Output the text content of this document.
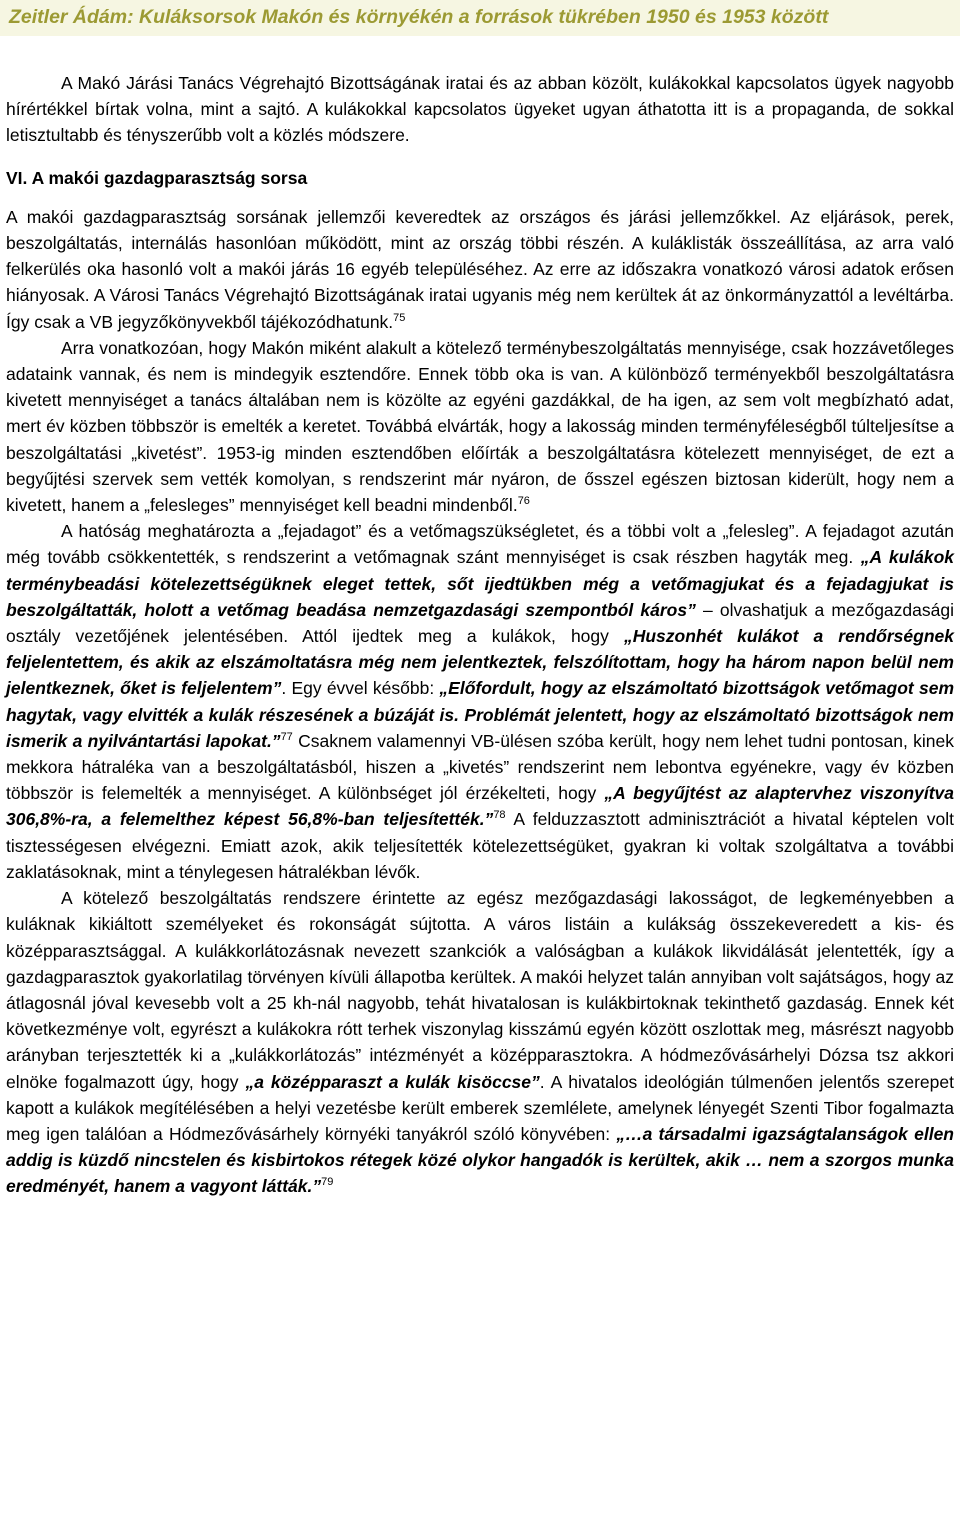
Zeitler Ádám: Kuláksorsok Makón és környékén a források tükrében 1950 és 1953 között

A Makó Járási Tanács Végrehajtó Bizottságának iratai és az abban közölt, kulákokkal kapcsolatos ügyek nagyobb hírértékkel bírtak volna, mint a sajtó. A kulákokkal kapcsolatos ügyeket ugyan áthatotta itt is a propaganda, de sokkal letisztultabb és tényszerűbb volt a közlés módszere.

VI. A makói gazdagparasztság sorsa

A makói gazdagparasztság sorsának jellemzői keveredtek az országos és járási jellemzőkkel. Az eljárások, perek, beszolgáltatás, internálás hasonlóan működött, mint az ország többi részén. A kuláklisták összeállítása, az arra való felkerülés oka hasonló volt a makói járás 16 egyéb településéhez. Az erre az időszakra vonatkozó városi adatok erősen hiányosak. A Városi Tanács Végrehajtó Bizottságának iratai ugyanis még nem kerültek át az önkormányzattól a levéltárba. Így csak a VB jegyzőkönyvekből tájékozódhatunk.$^{75}$

Arra vonatkozóan, hogy Makón miként alakult a kötelező terménybeszolgáltatás mennyisége, csak hozzávetőleges adataink vannak, és nem is mindegyik esztendőre. Ennek több oka is van. A különböző terményekből beszolgáltatásra kivetett mennyiséget a tanács általában nem is közölte az egyéni gazdákkal, de ha igen, az sem volt megbízható adat, mert év közben többször is emelték a keretet. Továbbá elvárták, hogy a lakosság minden terményféleségből túlteljesítse a beszolgáltatási „kivetést”. 1953-ig minden esztendőben előírták a beszolgáltatásra kötelezett mennyiséget, de ezt a begyűjtési szervek sem vették komolyan, s rendszerint már nyáron, de ősszel egészen biztosan kiderült, hogy nem a kivetett, hanem a „felesleges” mennyiséget kell beadni mindenből.$^{76}$

A hatóság meghatározta a „fejadagot” és a vetőmagszükségletet, és a többi volt a „felesleg”. A fejadagot azután még tovább csökkentették, s rendszerint a vetőmagnak szánt mennyiséget is csak részben hagyták meg. „A kulákok terménybeadási kötelezettségüknek eleget tettek, sőt ijedtükben még a vetőmagjukat és a fejadagjukat is beszolgáltatták, holott a vetőmag beadása nemzetgazdasági szempontból káros” – olvashatjuk a mezőgazdasági osztály vezetőjének jelentésében. Attól ijedtek meg a kulákok, hogy „Huszonhét kulákot a rendőrségnek feljelentettem, és akik az elszámoltatásra még nem jelentkeztek, felszólítottam, hogy ha három napon belül nem jelentkeznek, őket is feljelentem”. Egy évvel később: „Előfordult, hogy az elszámoltató bizottságok vetőmagot sem hagytak, vagy elvitték a kulák részesének a búzáját is. Problémát jelentett, hogy az elszámoltató bizottságok nem ismerik a nyilvántartási lapokat.”$^{77}$ Csaknem valamennyi VB-ülésen szóba került, hogy nem lehet tudni pontosan, kinek mekkora hátraléka van a beszolgáltatásból, hiszen a „kivetés” rendszerint nem lebontva egyénekre, vagy év közben többször is felemelték a mennyiséget. A különbséget jól érzékelteti, hogy „A begyűjtést az alaptervhez viszonyítva 306,8%-ra, a felemelthez képest 56,8%-ban teljesítették.”$^{78}$ A felduzzasztott adminisztrációt a hivatal képtelen volt tisztességesen elvégezni. Emiatt azok, akik teljesítették kötelezettségüket, gyakran ki voltak szolgáltatva a további zaklatásoknak, mint a ténylegesen hátralékban lévők.

A kötelező beszolgáltatás rendszere érintette az egész mezőgazdasági lakosságot, de legkeményebben a kuláknak kikiáltott személyeket és rokonságát sújtotta. A város listáin a kulákság összekeveredett a kis- és középparasztsággal. A kulákkorlátozásnak nevezett szankciók a valóságban a kulákok likvidálását jelentették, így a gazdagparasztok gyakorlatilag törvényen kívüli állapotba kerültek. A makói helyzet talán annyiban volt sajátságos, hogy az átlagosnál jóval kevesebb volt a 25 kh-nál nagyobb, tehát hivatalosan is kulákbirtoknak tekinthető gazdaság. Ennek két következménye volt, egyrészt a kulákokra rótt terhek viszonylag kisszámú egyén között oszlottak meg, másrészt nagyobb arányban terjesztették ki a „kulákkorlátozás” intézményét a középparasztokra. A hódmezővásárhelyi Dózsa tsz akkori elnöke fogalmazott úgy, hogy „a középparaszt a kulák kisöccse”. A hivatalos ideológián túlmenően jelentős szerepet kapott a kulákok megítélésében a helyi vezetésbe került emberek szemlélete, amelynek lényegét Szenti Tibor fogalmazta meg igen találóan a Hódmezővásárhely környéki tanyákról szóló könyvében: „…a társadalmi igazságtalanságok ellen addig is küzdő nincstelen és kisbirtokos rétegek közé olykor hangadók is kerültek, akik … nem a szorgos munka eredményét, hanem a vagyont látták.”$^{79}$
